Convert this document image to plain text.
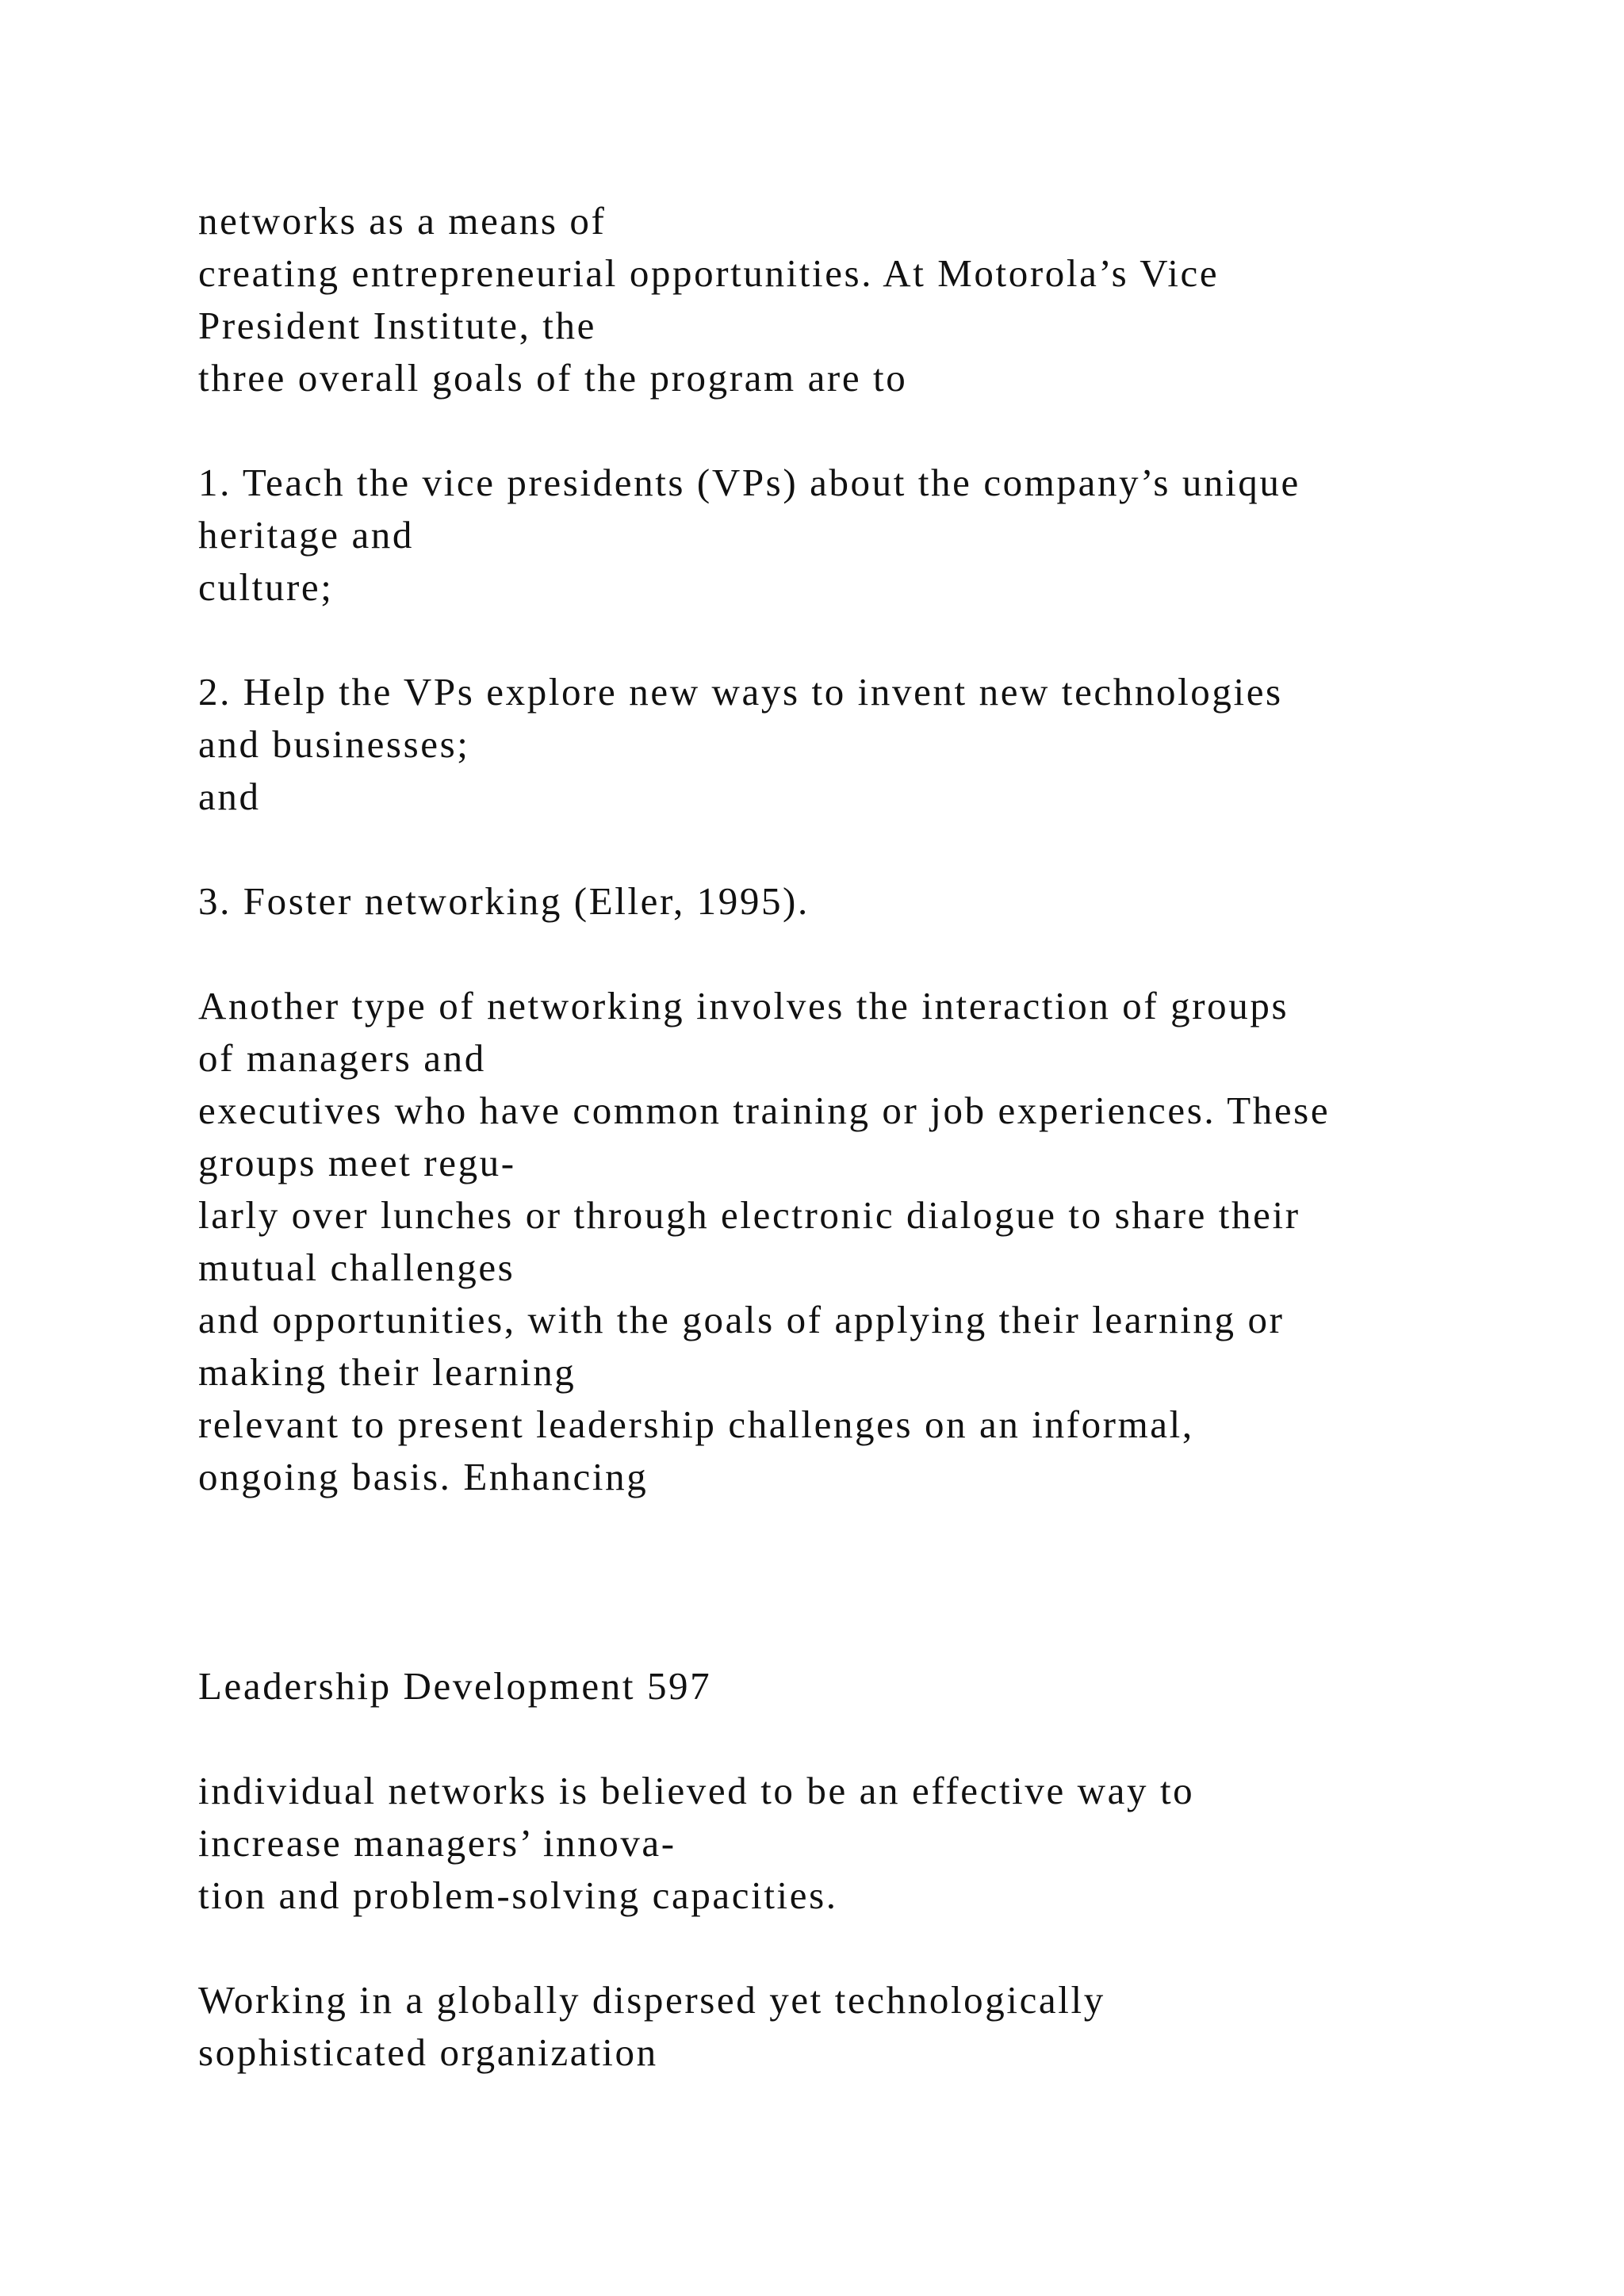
networks as a means of
creating entrepreneurial opportunities. At Motorola’s Vice
President Institute, the
three overall goals of the program are to
1. Teach the vice presidents (VPs) about the company’s unique
heritage and
culture;
2. Help the VPs explore new ways to invent new technologies
and businesses;
and
3. Foster networking (Eller, 1995).
Another type of networking involves the interaction of groups
of managers and
executives who have common training or job experiences. These
groups meet regu-
larly over lunches or through electronic dialogue to share their
mutual challenges
and opportunities, with the goals of applying their learning or
making their learning
relevant to present leadership challenges on an informal,
ongoing basis. Enhancing
Leadership Development 597
individual networks is believed to be an effective way to
increase managers’ innova-
tion and problem-solving capacities.
Working in a globally dispersed yet technologically
sophisticated organization
